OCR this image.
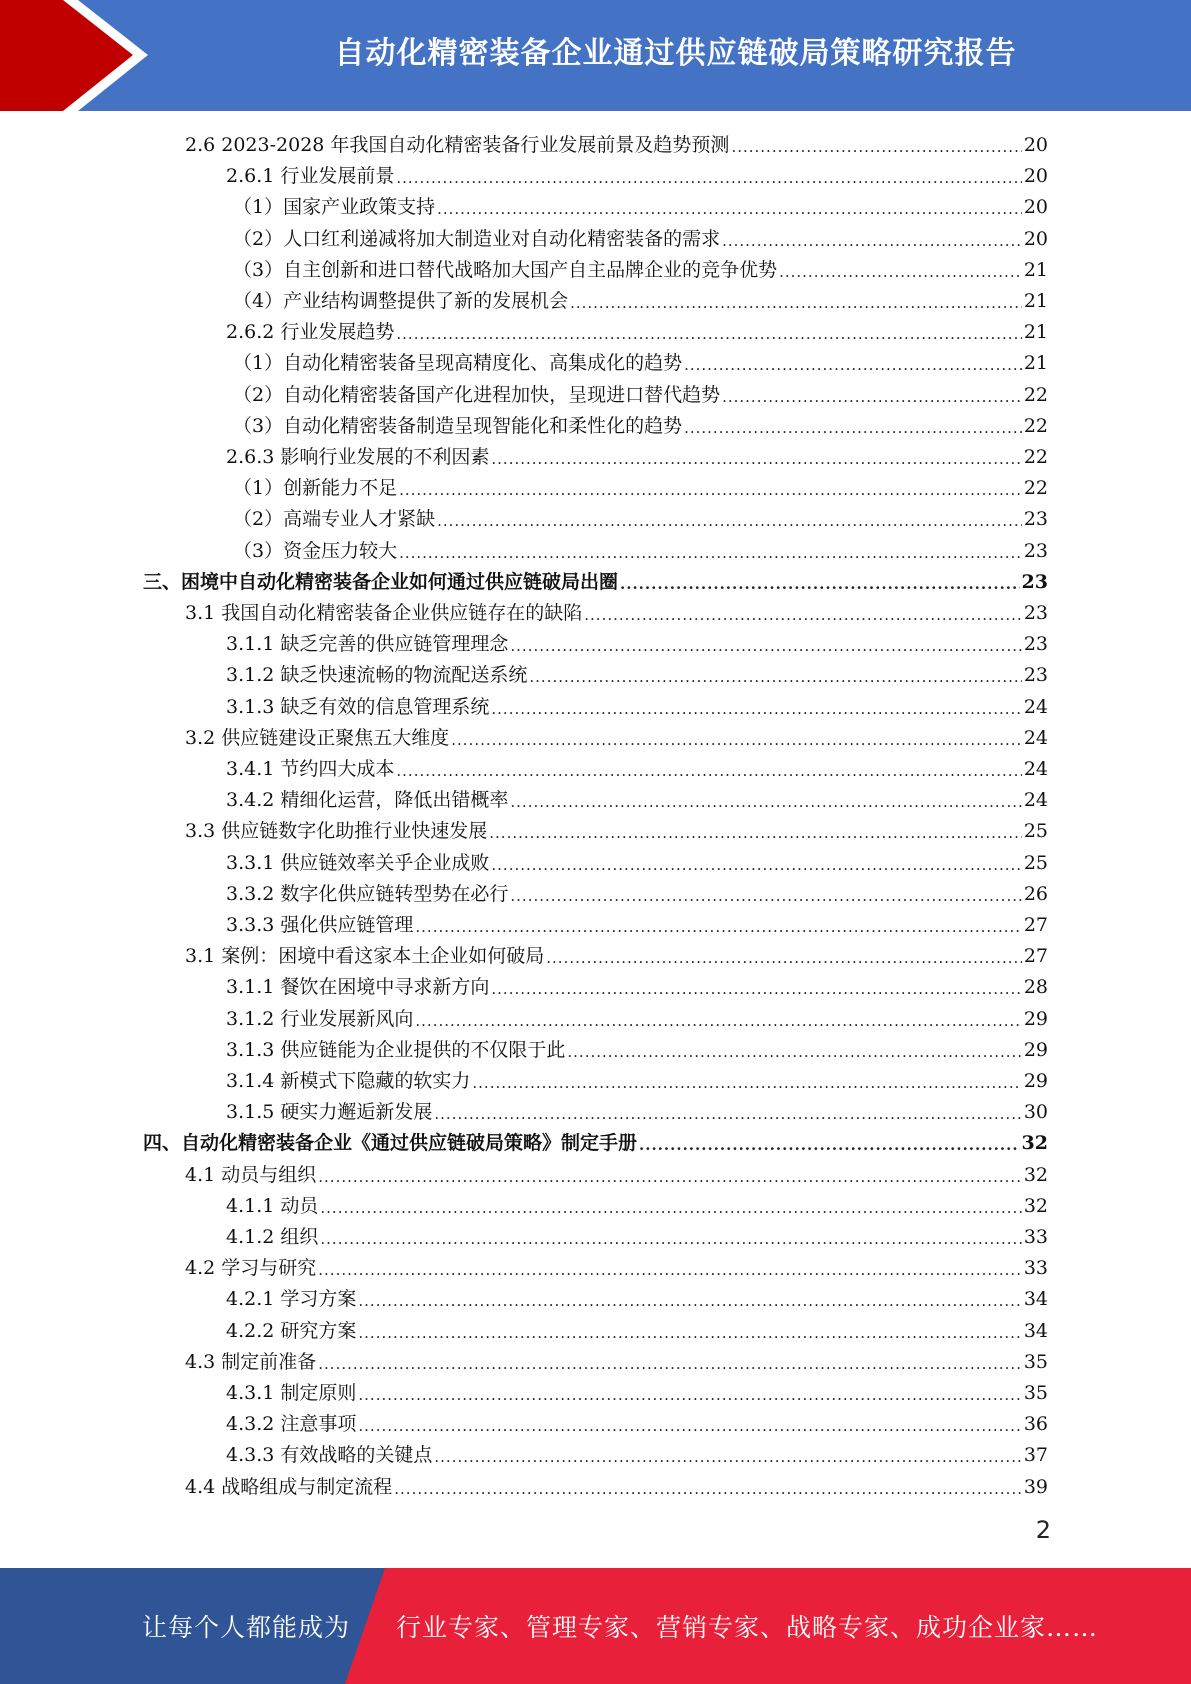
自动化精密装备企业通过供应链破局策略研究报告
2.6 2023-2028 年我国自动化精密装备行业发展前景及趋势预测 .....	20
2.6.1 行业发展前景 .....	20
（1）国家产业政策支持 .....	20
（2）人口红利递减将加大制造业对自动化精密装备的需求 .....	20
（3）自主创新和进口替代战略加大国产自主品牌企业的竞争优势 .....	21
（4）产业结构调整提供了新的发展机会 .....	21
2.6.2 行业发展趋势 .....	21
（1）自动化精密装备呈现高精度化、高集成化的趋势 .....	21
（2）自动化精密装备国产化进程加快，呈现进口替代趋势 .....	22
（3）自动化精密装备制造呈现智能化和柔性化的趋势 .....	22
2.6.3 影响行业发展的不利因素 .....	22
（1）创新能力不足 .....	22
（2）高端专业人才紧缺 .....	23
（3）资金压力较大 .....	23
三、困境中自动化精密装备企业如何通过供应链破局出圈 .....	23
3.1 我国自动化精密装备企业供应链存在的缺陷 .....	23
3.1.1 缺乏完善的供应链管理理念 .....	23
3.1.2 缺乏快速流畅的物流配送系统 .....	23
3.1.3 缺乏有效的信息管理系统 .....	24
3.2 供应链建设正聚焦五大维度 .....	24
3.4.1 节约四大成本 .....	24
3.4.2 精细化运营，降低出错概率 .....	24
3.3 供应链数字化助推行业快速发展 .....	25
3.3.1 供应链效率关乎企业成败 .....	25
3.3.2 数字化供应链转型势在必行 .....	26
3.3.3 强化供应链管理 .....	27
3.1 案例：困境中看这家本土企业如何破局 .....	27
3.1.1 餐饮在困境中寻求新方向 .....	28
3.1.2 行业发展新风向 .....	29
3.1.3 供应链能为企业提供的不仅限于此 .....	29
3.1.4 新模式下隐藏的软实力 .....	29
3.1.5 硬实力邂逅新发展 .....	30
四、自动化精密装备企业《通过供应链破局策略》制定手册 .....	32
4.1 动员与组织 .....	32
4.1.1 动员 .....	32
4.1.2 组织 .....	33
4.2 学习与研究 .....	33
4.2.1 学习方案 .....	34
4.2.2 研究方案 .....	34
4.3 制定前准备 .....	35
4.3.1 制定原则 .....	35
4.3.2 注意事项 .....	36
4.3.3 有效战略的关键点 .....	37
4.4 战略组成与制定流程 .....	39
2
让每个人都能成为 行业专家、管理专家、营销专家、战略专家、成功企业家……
